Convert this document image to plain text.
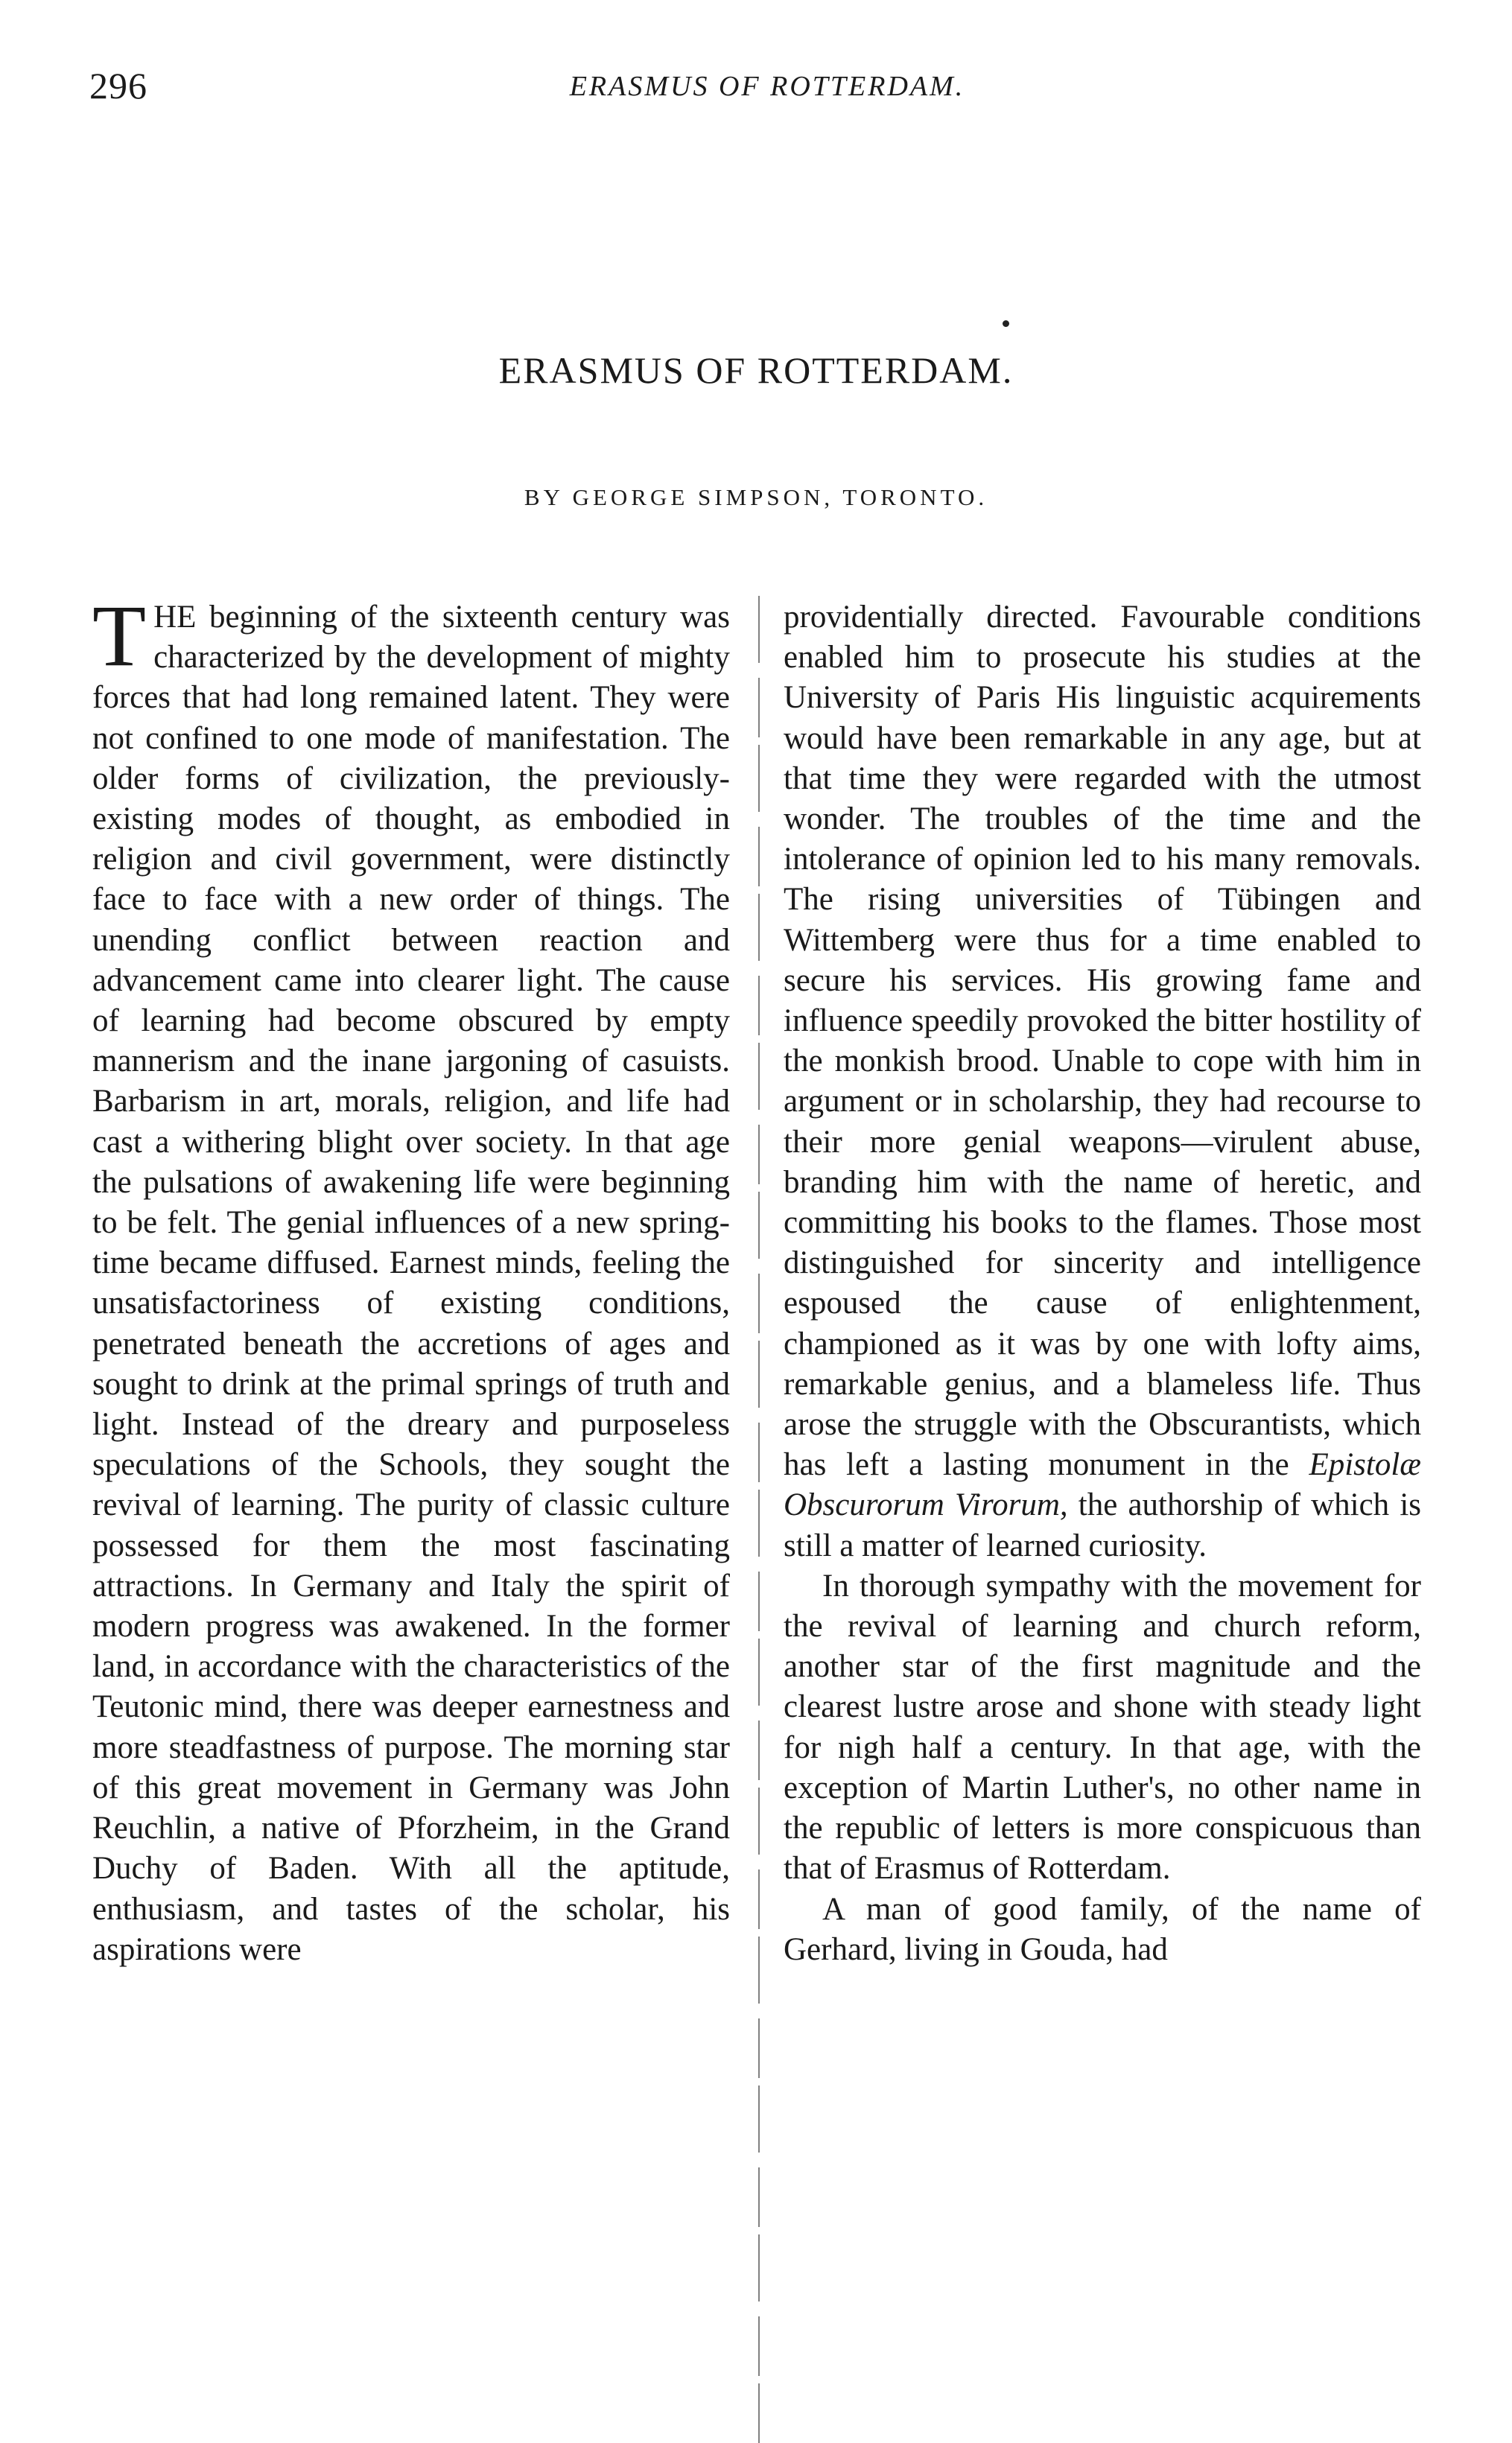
296	ERASMUS OF ROTTERDAM.
ERASMUS OF ROTTERDAM.
BY GEORGE SIMPSON, TORONTO.

THE beginning of the sixteenth century was characterized by the development of mighty forces that had long remained latent. They were not confined to one mode of manifestation. The older forms of civilization, the previously-existing modes of thought, as embodied in religion and civil government, were distinctly face to face with a new order of things. The unending conflict between reaction and advancement came into clearer light. The cause of learning had become obscured by empty mannerism and the inane jargoning of casuists. Barbarism in art, morals, religion, and life had cast a withering blight over society. In that age the pulsations of awakening life were beginning to be felt. The genial influences of a new spring-time became diffused. Earnest minds, feeling the unsatisfactoriness of existing conditions, penetrated beneath the accretions of ages and sought to drink at the primal springs of truth and light. Instead of the dreary and purposeless speculations of the Schools, they sought the revival of learning. The purity of classic culture possessed for them the most fascinating attractions. In Germany and Italy the spirit of modern progress was awakened. In the former land, in accordance with the characteristics of the Teutonic mind, there was deeper earnestness and more steadfastness of purpose. The morning star of this great movement in Germany was John Reuchlin, a native of Pforzheim, in the Grand Duchy of Baden. With all the aptitude, enthusiasm, and tastes of the scholar, his aspirations were

providentially directed. Favourable conditions enabled him to prosecute his studies at the University of Paris His linguistic acquirements would have been remarkable in any age, but at that time they were regarded with the utmost wonder. The troubles of the time and the intolerance of opinion led to his many removals. The rising universities of Tübingen and Wittemberg were thus for a time enabled to secure his services. His growing fame and influence speedily provoked the bitter hostility of the monkish brood. Unable to cope with him in argument or in scholarship, they had recourse to their more genial weapons—virulent abuse, branding him with the name of heretic, and committing his books to the flames. Those most distinguished for sincerity and intelligence espoused the cause of enlightenment, championed as it was by one with lofty aims, remarkable genius, and a blameless life. Thus arose the struggle with the Obscurantists, which has left a lasting monument in the Epistolæ Obscurorum Virorum, the authorship of which is still a matter of learned curiosity.

In thorough sympathy with the movement for the revival of learning and church reform, another star of the first magnitude and the clearest lustre arose and shone with steady light for nigh half a century. In that age, with the exception of Martin Luther's, no other name in the republic of letters is more conspicuous than that of Erasmus of Rotterdam.

A man of good family, of the name of Gerhard, living in Gouda, had
